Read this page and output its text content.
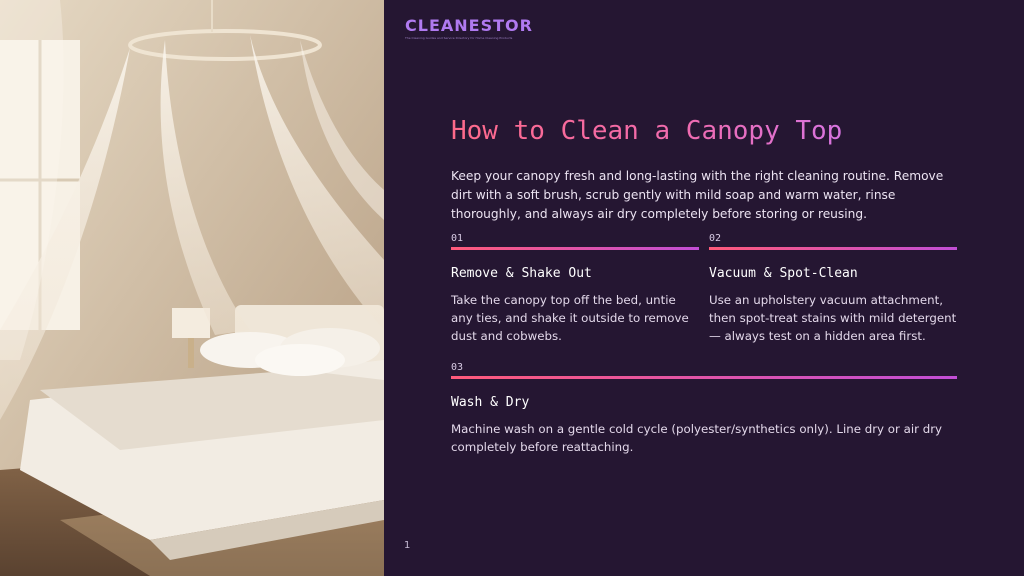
CLEANESTOR
The Cleaning Guides and Service Directory for Home Cleaning Products
How to Clean a Canopy Top

Keep your canopy fresh and long-lasting with the right cleaning routine. Remove dirt with a soft brush, scrub gently with mild soap and warm water, rinse thoroughly, and always air dry completely before storing or reusing.

01
Remove & Shake Out
Take the canopy top off the bed, untie any ties, and shake it outside to remove dust and cobwebs.
02
Vacuum & Spot-Clean
Use an upholstery vacuum attachment, then spot-treat stains with mild detergent — always test on a hidden area first.
03
Wash & Dry
Machine wash on a gentle cold cycle (polyester/synthetics only). Line dry or air dry completely before reattaching.
1
